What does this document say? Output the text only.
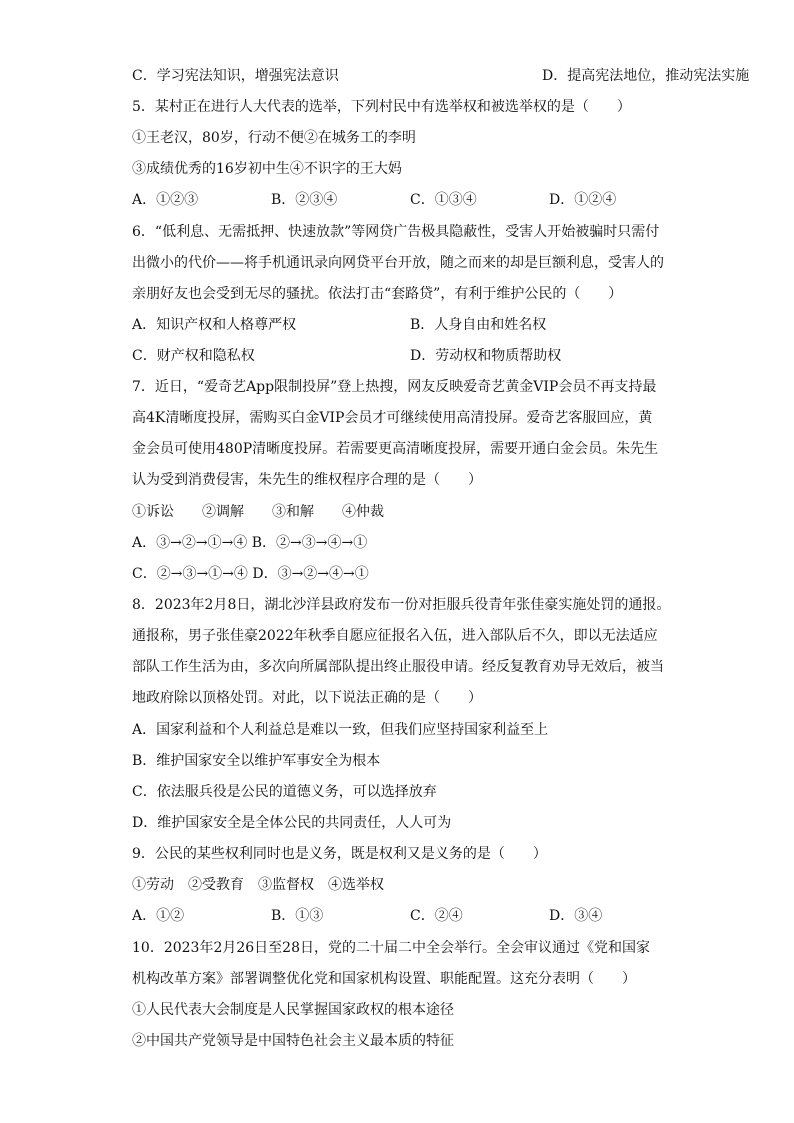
C．学习宪法知识，增强宪法意识	D．提高宪法地位，推动宪法实施
5．某村正在进行人大代表的选举，下列村民中有选举权和被选举权的是（　　）
①王老汉，80岁，行动不便②在城务工的李明
③成绩优秀的16岁初中生④不识字的王大妈
A．①②③	B．②③④	C．①③④	D．①②④
6．“低利息、无需抵押、快速放款”等网贷广告极具隐蔽性，受害人开始被骗时只需付
出微小的代价——将手机通讯录向网贷平台开放，随之而来的却是巨额利息，受害人的
亲朋好友也会受到无尽的骚扰。依法打击“套路贷”，有利于维护公民的（　　）
A．知识产权和人格尊严权	B．人身自由和姓名权
C．财产权和隐私权	D．劳动权和物质帮助权
7．近日，“爱奇艺App限制投屏”登上热搜，网友反映爱奇艺黄金VIP会员不再支持最
高4K清晰度投屏，需购买白金VIP会员才可继续使用高清投屏。爱奇艺客服回应，黄
金会员可使用480P清晰度投屏。若需要更高清晰度投屏，需要开通白金会员。朱先生
认为受到消费侵害，朱先生的维权程序合理的是（　　）
①诉讼　　②调解　　③和解　　④仲裁
A．③→②→①→④ B．②→③→④→①
C．②→③→①→④ D．③→②→④→①
8．2023年2月8日，湖北沙洋县政府发布一份对拒服兵役青年张佳豪实施处罚的通报。
通报称，男子张佳豪2022年秋季自愿应征报名入伍，进入部队后不久，即以无法适应
部队工作生活为由，多次向所属部队提出终止服役申请。经反复教育劝导无效后，被当
地政府除以顶格处罚。对此，以下说法正确的是（　　）
A．国家利益和个人利益总是难以一致，但我们应坚持国家利益至上
B．维护国家安全以维护军事安全为根本
C．依法服兵役是公民的道德义务，可以选择放弃
D．维护国家安全是全体公民的共同责任，人人可为
9．公民的某些权利同时也是义务，既是权利又是义务的是（　　）
①劳动　②受教育　③监督权　④选举权
A．①②	B．①③	C．②④	D．③④
10．2023年2月26日至28日，党的二十届二中全会举行。全会审议通过《党和国家
机构改革方案》部署调整优化党和国家机构设置、职能配置。这充分表明（　　）
①人民代表大会制度是人民掌握国家政权的根本途径
②中国共产党领导是中国特色社会主义最本质的特征
